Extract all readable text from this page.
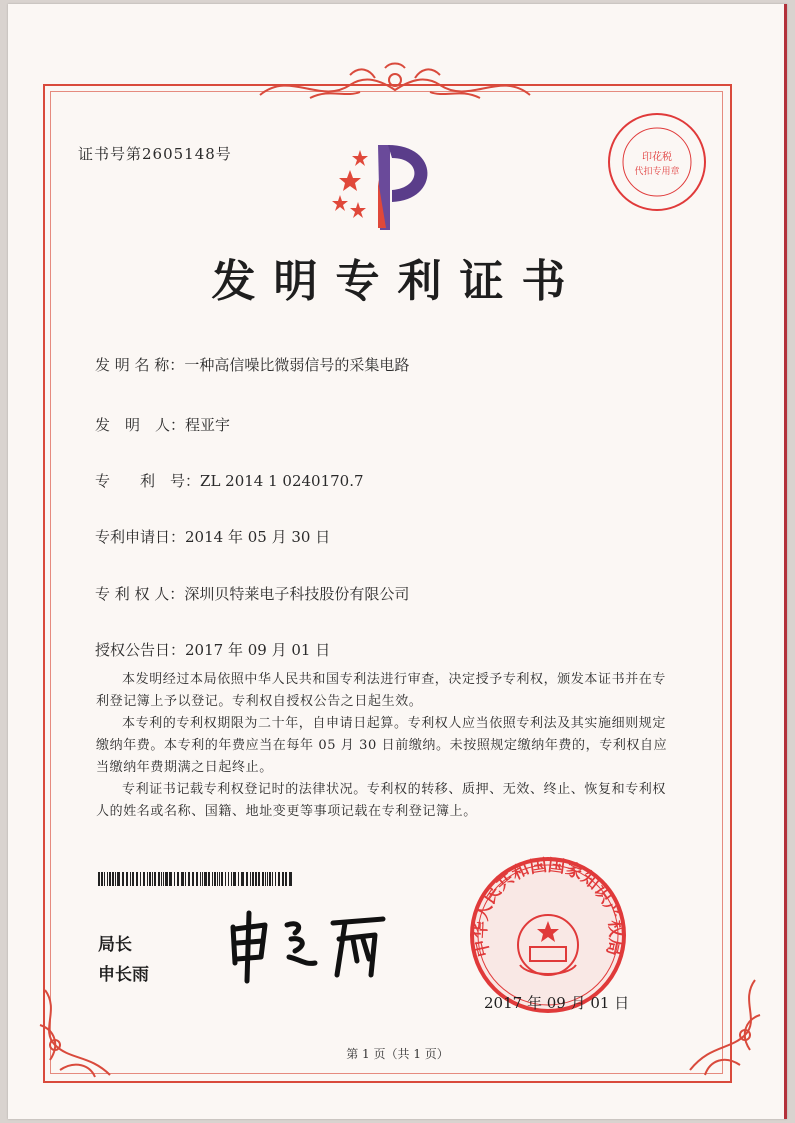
证书号第2605148号	印花税
代扣专用章
发明专利证书
发 明 名 称：一种高信噪比微弱信号的采集电路
发　明　人：程亚宇
专　　利　号：ZL 2014 1 0240170.7
专利申请日：2014 年 05 月 30 日
专 利 权 人：深圳贝特莱电子科技股份有限公司
授权公告日：2017 年 09 月 01 日

本发明经过本局依照中华人民共和国专利法进行审查，决定授予专利权，颁发本证书并在专利登记簿上予以登记。专利权自授权公告之日起生效。

本专利的专利权期限为二十年，自申请日起算。专利权人应当依照专利法及其实施细则规定缴纳年费。本专利的年费应当在每年 05 月 30 日前缴纳。未按照规定缴纳年费的，专利权自应当缴纳年费期满之日起终止。

专利证书记载专利权登记时的法律状况。专利权的转移、质押、无效、终止、恢复和专利权人的姓名或名称、国籍、地址变更等事项记载在专利登记簿上。

局长
申长雨
中华人民共和国国家知识产权局
2017 年 09 月 01 日
第 1 页（共 1 页）
